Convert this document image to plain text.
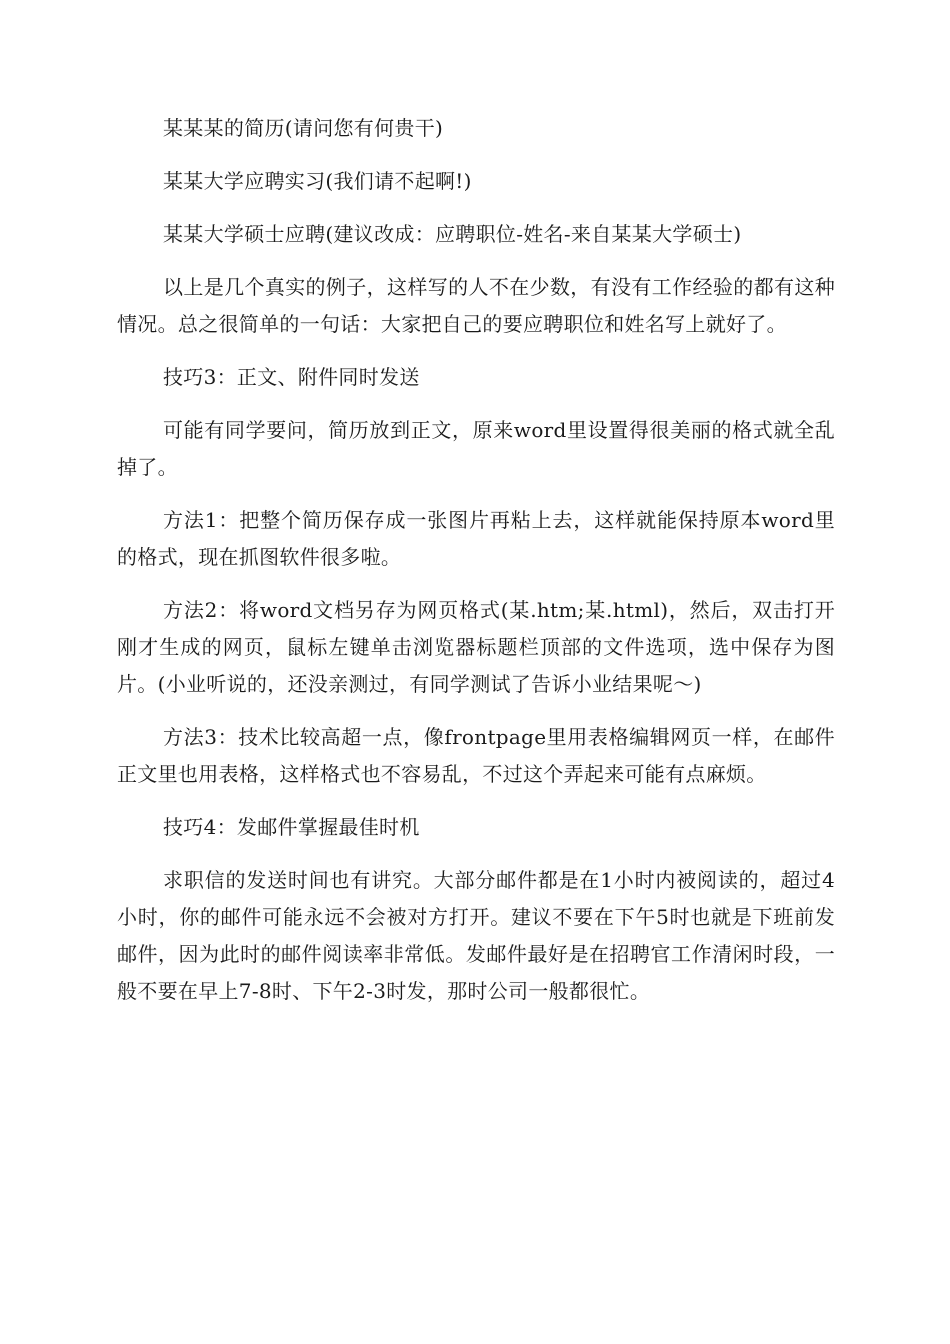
某某某的简历(请问您有何贵干)

某某大学应聘实习(我们请不起啊!)

某某大学硕士应聘(建议改成：应聘职位-姓名-来自某某大学硕士)

以上是几个真实的例子，这样写的人不在少数，有没有工作经验的都有这种情况。总之很简单的一句话：大家把自己的要应聘职位和姓名写上就好了。

技巧3：正文、附件同时发送

可能有同学要问，简历放到正文，原来word里设置得很美丽的格式就全乱掉了。

方法1：把整个简历保存成一张图片再粘上去，这样就能保持原本word里的格式，现在抓图软件很多啦。

方法2：将word文档另存为网页格式(某.htm;某.html)，然后，双击打开刚才生成的网页，鼠标左键单击浏览器标题栏顶部的文件选项，选中保存为图片。(小业听说的，还没亲测过，有同学测试了告诉小业结果呢～)

方法3：技术比较高超一点，像frontpage里用表格编辑网页一样，在邮件正文里也用表格，这样格式也不容易乱，不过这个弄起来可能有点麻烦。

技巧4：发邮件掌握最佳时机

求职信的发送时间也有讲究。大部分邮件都是在1小时内被阅读的，超过4小时，你的邮件可能永远不会被对方打开。建议不要在下午5时也就是下班前发邮件，因为此时的邮件阅读率非常低。发邮件最好是在招聘官工作清闲时段，一般不要在早上7-8时、下午2-3时发，那时公司一般都很忙。
